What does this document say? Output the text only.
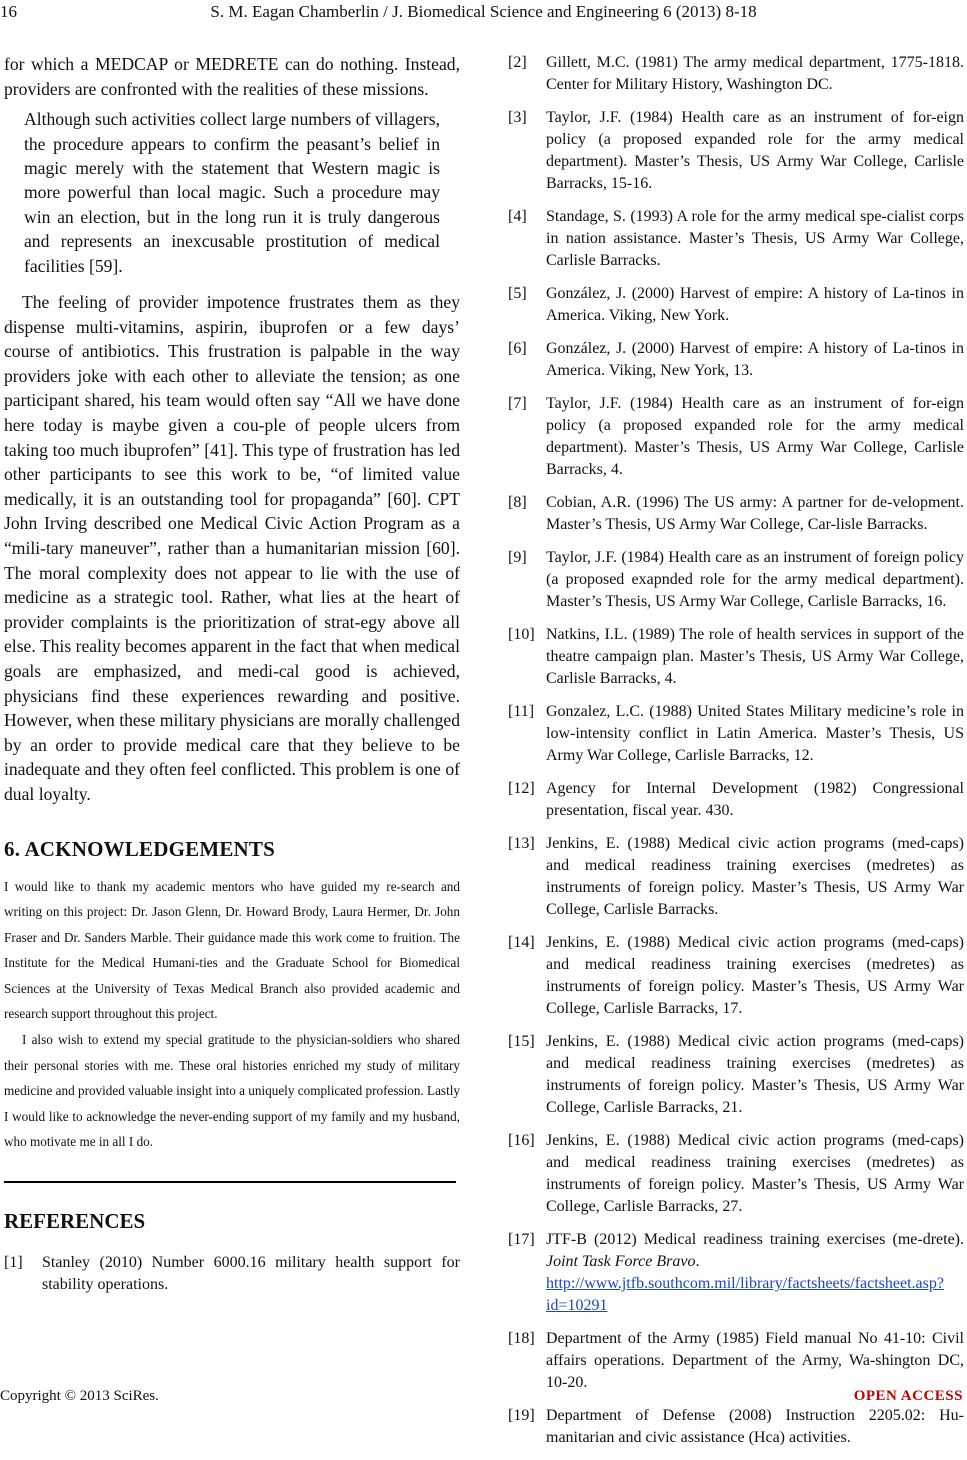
16	S. M. Eagan Chamberlin / J. Biomedical Science and Engineering 6 (2013) 8-18

for which a MEDCAP or MEDRETE can do nothing. Instead, providers are confronted with the realities of these missions.

Although such activities collect large numbers of villagers, the procedure appears to confirm the peasant’s belief in magic merely with the statement that Western magic is more powerful than local magic. Such a procedure may win an election, but in the long run it is truly dangerous and represents an inexcusable prostitution of medical facilities [59].

The feeling of provider impotence frustrates them as they dispense multi-vitamins, aspirin, ibuprofen or a few days’ course of antibiotics. This frustration is palpable in the way providers joke with each other to alleviate the tension; as one participant shared, his team would often say “All we have done here today is maybe given a cou-ple of people ulcers from taking too much ibuprofen” [41]. This type of frustration has led other participants to see this work to be, “of limited value medically, it is an outstanding tool for propaganda” [60]. CPT John Irving described one Medical Civic Action Program as a “mili-tary maneuver”, rather than a humanitarian mission [60]. The moral complexity does not appear to lie with the use of medicine as a strategic tool. Rather, what lies at the heart of provider complaints is the prioritization of strat-egy above all else. This reality becomes apparent in the fact that when medical goals are emphasized, and medi-cal good is achieved, physicians find these experiences rewarding and positive. However, when these military physicians are morally challenged by an order to provide medical care that they believe to be inadequate and they often feel conflicted. This problem is one of dual loyalty.

6. ACKNOWLEDGEMENTS

I would like to thank my academic mentors who have guided my re-search and writing on this project: Dr. Jason Glenn, Dr. Howard Brody, Laura Hermer, Dr. John Fraser and Dr. Sanders Marble. Their guidance made this work come to fruition. The Institute for the Medical Humani-ties and the Graduate School for Biomedical Sciences at the University of Texas Medical Branch also provided academic and research support throughout this project.

I also wish to extend my special gratitude to the physician-soldiers who shared their personal stories with me. These oral histories enriched my study of military medicine and provided valuable insight into a uniquely complicated profession. Lastly I would like to acknowledge the never-ending support of my family and my husband, who motivate me in all I do.

REFERENCES
[1]	Stanley (2010) Number 6000.16 military health support for stability operations.
[2]	Gillett, M.C. (1981) The army medical department, 1775-1818. Center for Military History, Washington DC.
[3]	Taylor, J.F. (1984) Health care as an instrument of for-eign policy (a proposed expanded role for the army medical department). Master’s Thesis, US Army War College, Carlisle Barracks, 15-16.
[4]	Standage, S. (1993) A role for the army medical spe-cialist corps in nation assistance. Master’s Thesis, US Army War College, Carlisle Barracks.
[5]	González, J. (2000) Harvest of empire: A history of La-tinos in America. Viking, New York.
[6]	González, J. (2000) Harvest of empire: A history of La-tinos in America. Viking, New York, 13.
[7]	Taylor, J.F. (1984) Health care as an instrument of for-eign policy (a proposed expanded role for the army medical department). Master’s Thesis, US Army War College, Carlisle Barracks, 4.
[8]	Cobian, A.R. (1996) The US army: A partner for de-velopment. Master’s Thesis, US Army War College, Car-lisle Barracks.
[9]	Taylor, J.F. (1984) Health care as an instrument of foreign policy (a proposed exapnded role for the army medical department). Master’s Thesis, US Army War College, Carlisle Barracks, 16.
[10] Natkins, I.L. (1989) The role of health services in support of the theatre campaign plan. Master’s Thesis, US Army War College, Carlisle Barracks, 4.
[11] Gonzalez, L.C. (1988) United States Military medicine’s role in low-intensity conflict in Latin America. Master’s Thesis, US Army War College, Carlisle Barracks, 12.
[12] Agency for Internal Development (1982) Congressional presentation, fiscal year. 430.
[13] Jenkins, E. (1988) Medical civic action programs (med-caps) and medical readiness training exercises (medretes) as instruments of foreign policy. Master’s Thesis, US Army War College, Carlisle Barracks.
[14] Jenkins, E. (1988) Medical civic action programs (med-caps) and medical readiness training exercises (medretes) as instruments of foreign policy. Master’s Thesis, US Army War College, Carlisle Barracks, 17.
[15] Jenkins, E. (1988) Medical civic action programs (med-caps) and medical readiness training exercises (medretes) as instruments of foreign policy. Master’s Thesis, US Army War College, Carlisle Barracks, 21.
[16] Jenkins, E. (1988) Medical civic action programs (med-caps) and medical readiness training exercises (medretes) as instruments of foreign policy. Master’s Thesis, US Army War College, Carlisle Barracks, 27.
[17] JTF-B (2012) Medical readiness training exercises (me-drete). Joint Task Force Bravo.
http://www.jtfb.southcom.mil/library/factsheets/factsheet.asp?id=10291
[18] Department of the Army (1985) Field manual No 41-10: Civil affairs operations. Department of the Army, Wa-shington DC, 10-20.
[19] Department of Defense (2008) Instruction 2205.02: Hu-manitarian and civic assistance (Hca) activities.
Copyright © 2013 SciRes.	OPEN ACCESS
